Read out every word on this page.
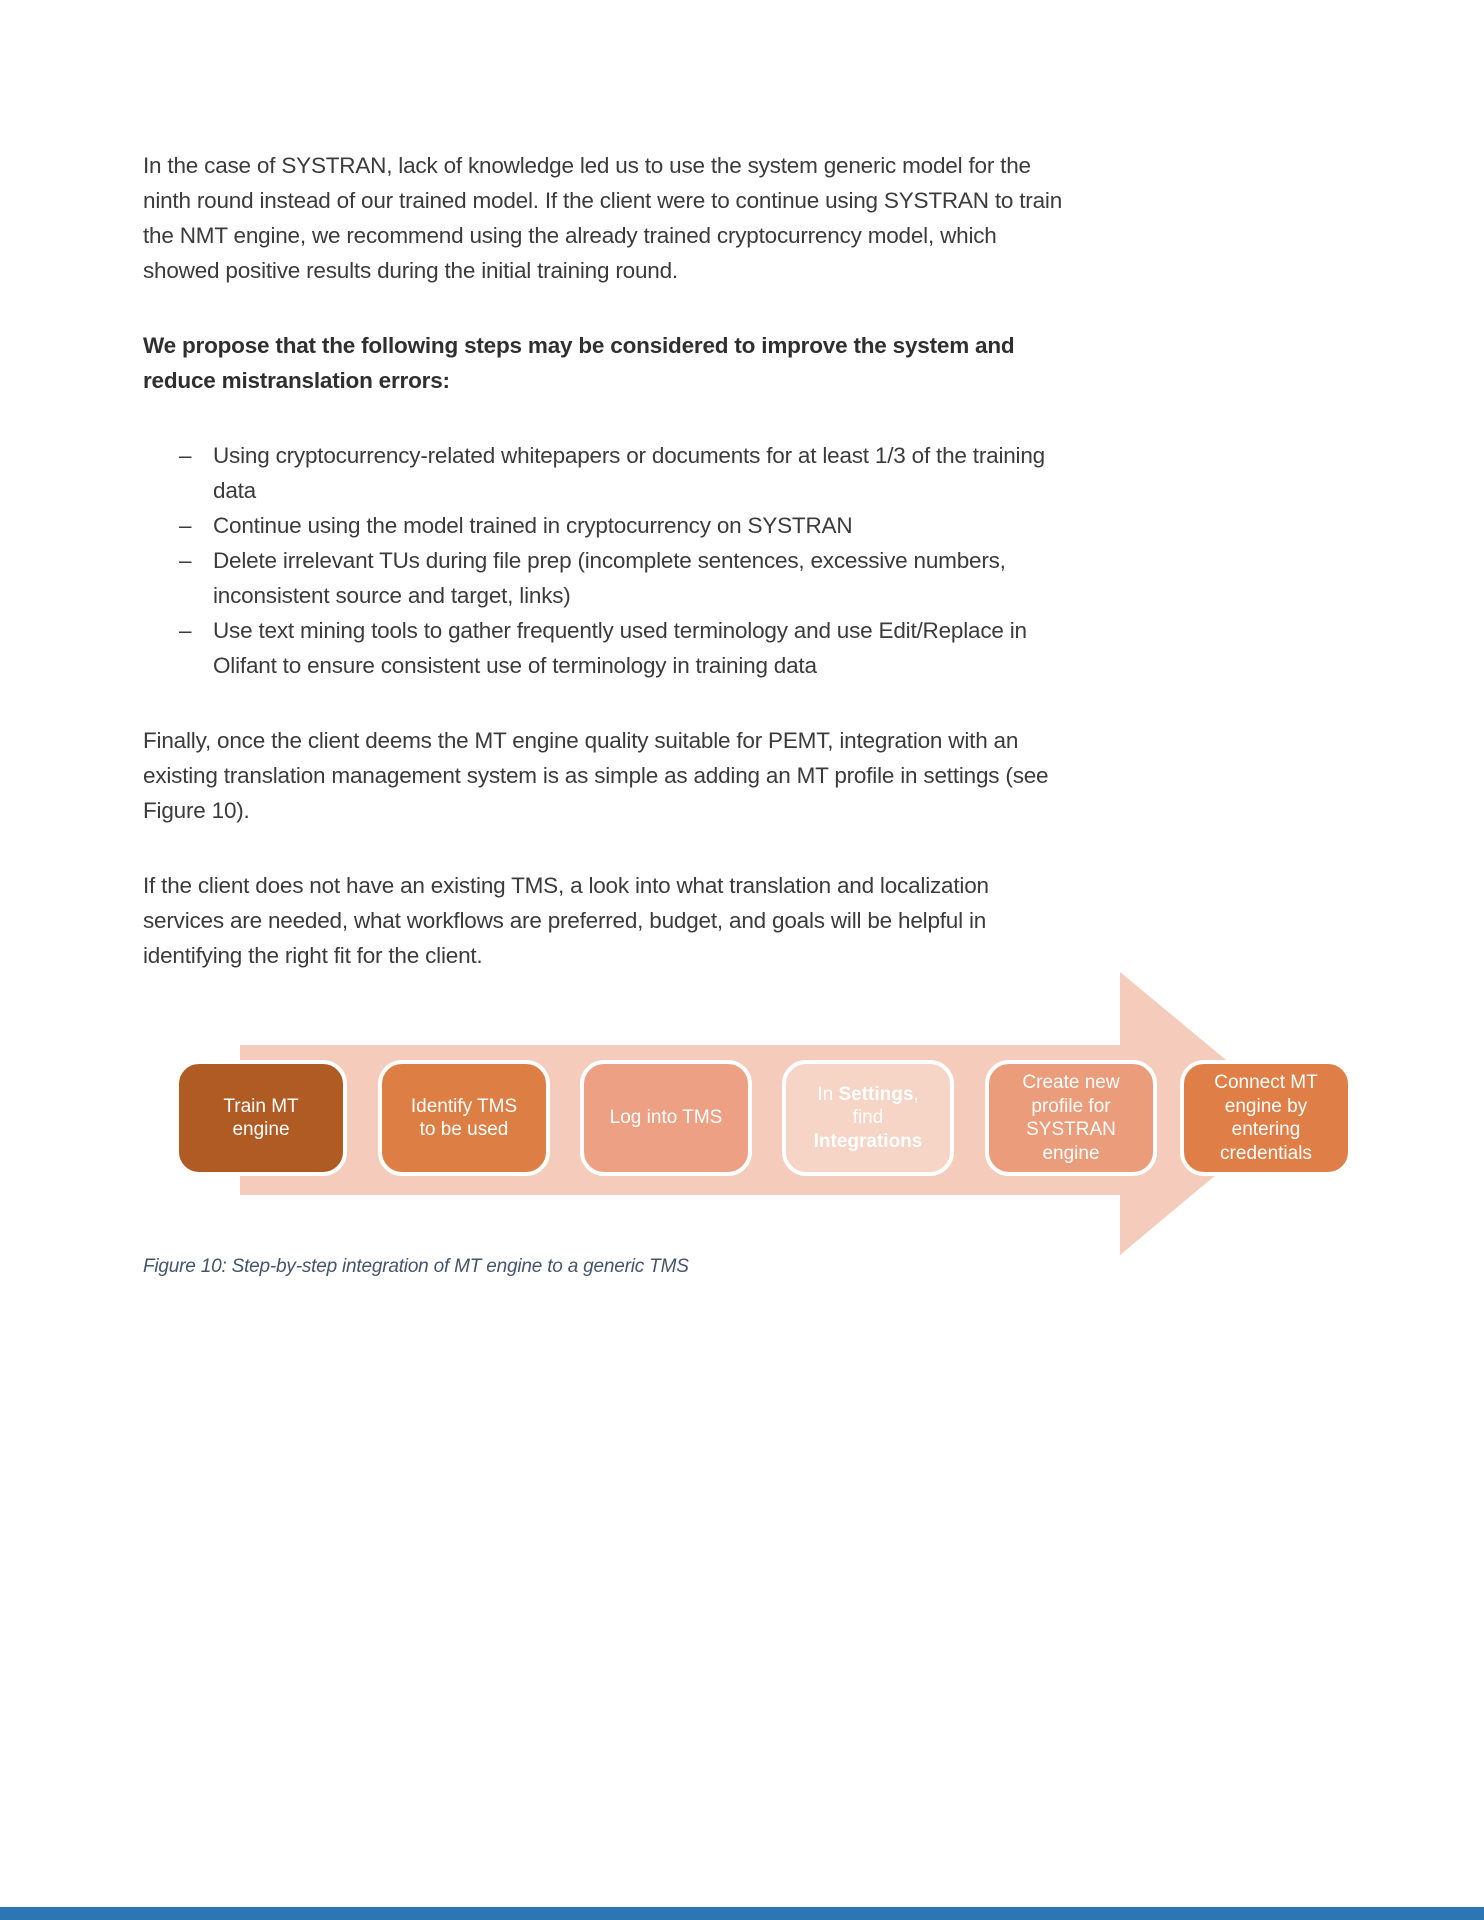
In the case of SYSTRAN, lack of knowledge led us to use the system generic model for the ninth round instead of our trained model. If the client were to continue using SYSTRAN to train the NMT engine, we recommend using the already trained cryptocurrency model, which showed positive results during the initial training round.

We propose that the following steps may be considered to improve the system and reduce mistranslation errors:

– Using cryptocurrency-related whitepapers or documents for at least 1/3 of the training data
– Continue using the model trained in cryptocurrency on SYSTRAN
– Delete irrelevant TUs during file prep (incomplete sentences, excessive numbers, inconsistent source and target, links)
– Use text mining tools to gather frequently used terminology and use Edit/Replace in Olifant to ensure consistent use of terminology in training data

Finally, once the client deems the MT engine quality suitable for PEMT, integration with an existing translation management system is as simple as adding an MT profile in settings (see Figure 10).

If the client does not have an existing TMS, a look into what translation and localization services are needed, what workflows are preferred, budget, and goals will be helpful in identifying the right fit for the client.

Train MT engine
Identify TMS to be used
Log into TMS
In Settings,
find
Integrations
Create new profile for SYSTRAN engine
Connect MT engine by entering credentials
Figure 10: Step-by-step integration of MT engine to a generic TMS
